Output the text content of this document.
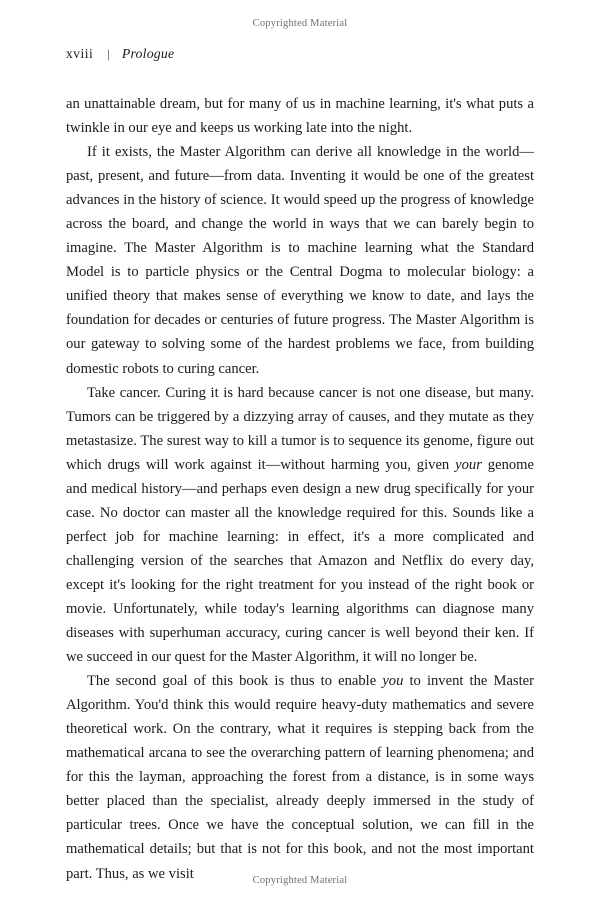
Copyrighted Material
xviii | Prologue

an unattainable dream, but for many of us in machine learning, it's what puts a twinkle in our eye and keeps us working late into the night.

If it exists, the Master Algorithm can derive all knowledge in the world—past, present, and future—from data. Inventing it would be one of the greatest advances in the history of science. It would speed up the progress of knowledge across the board, and change the world in ways that we can barely begin to imagine. The Master Algorithm is to machine learning what the Standard Model is to particle physics or the Central Dogma to molecular biology: a unified theory that makes sense of everything we know to date, and lays the foundation for decades or centuries of future progress. The Master Algorithm is our gateway to solving some of the hardest problems we face, from building domestic robots to curing cancer.

Take cancer. Curing it is hard because cancer is not one disease, but many. Tumors can be triggered by a dizzying array of causes, and they mutate as they metastasize. The surest way to kill a tumor is to sequence its genome, figure out which drugs will work against it—without harming you, given your genome and medical history—and perhaps even design a new drug specifically for your case. No doctor can master all the knowledge required for this. Sounds like a perfect job for machine learning: in effect, it's a more complicated and challenging version of the searches that Amazon and Netflix do every day, except it's looking for the right treatment for you instead of the right book or movie. Unfortunately, while today's learning algorithms can diagnose many diseases with superhuman accuracy, curing cancer is well beyond their ken. If we succeed in our quest for the Master Algorithm, it will no longer be.

The second goal of this book is thus to enable you to invent the Master Algorithm. You'd think this would require heavy-duty mathematics and severe theoretical work. On the contrary, what it requires is stepping back from the mathematical arcana to see the overarching pattern of learning phenomena; and for this the layman, approaching the forest from a distance, is in some ways better placed than the specialist, already deeply immersed in the study of particular trees. Once we have the conceptual solution, we can fill in the mathematical details; but that is not for this book, and not the most important part. Thus, as we visit	Copyrighted Material
